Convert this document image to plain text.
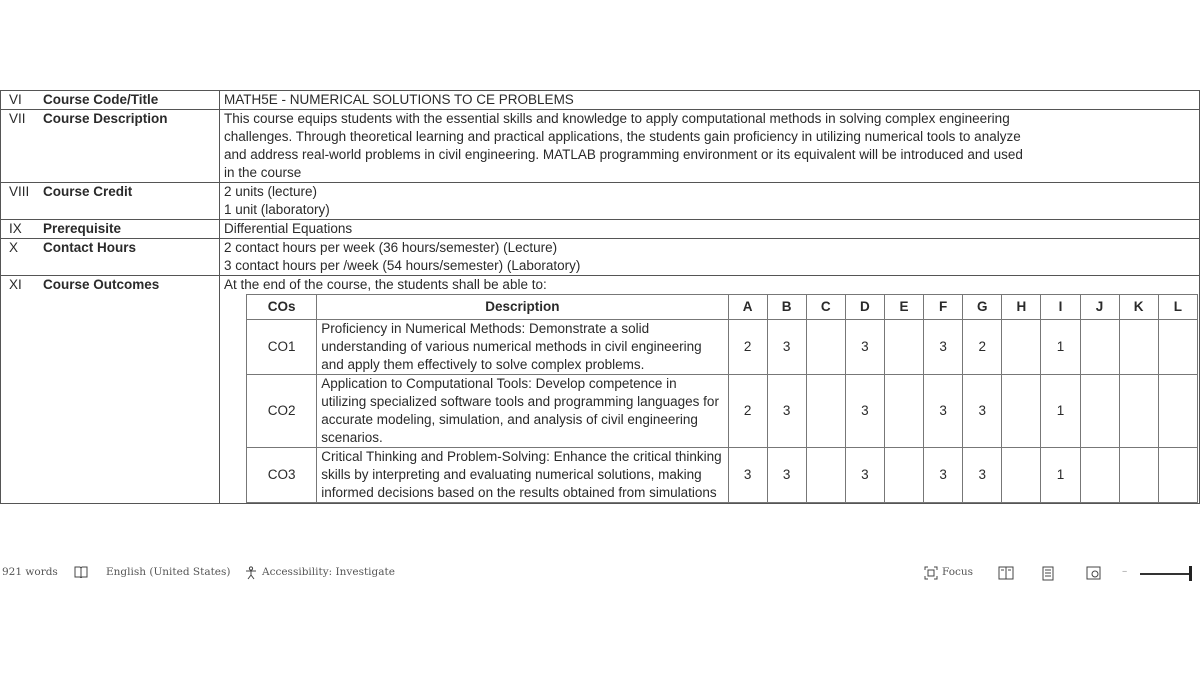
VI	Course Code/Title	MATH5E - NUMERICAL SOLUTIONS TO CE PROBLEMS

VII	Course Description	This course equips students with the essential skills and knowledge to apply computational methods in solving complex engineering
challenges. Through theoretical learning and practical applications, the students gain proficiency in utilizing numerical tools to analyze
and address real-world problems in civil engineering. MATLAB programming environment or its equivalent will be introduced and used
in the course

VIII	Course Credit	2 units (lecture)
1 unit (laboratory)

IX	Prerequisite	Differential Equations

X	Contact Hours	2 contact hours per week (36 hours/semester) (Lecture)
3 contact hours per /week (54 hours/semester) (Laboratory)

XI	Course Outcomes	At the end of the course, the students shall be able to:
COs	Description	A	B	C	D	E	F	G	H	I	J	K	L
CO1	Proficiency in Numerical Methods: Demonstrate a solid understanding of various numerical methods in civil engineering and apply them effectively to solve complex problems.	2	3		3		3	2		1			
CO2	Application to Computational Tools: Develop competence in utilizing specialized software tools and programming languages for accurate modeling, simulation, and analysis of civil engineering scenarios.	2	3		3		3	3		1			
CO3	Critical Thinking and Problem-Solving: Enhance the critical thinking skills by interpreting and evaluating numerical solutions, making informed decisions based on the results obtained from simulations	3	3		3		3	3		1			
921 words	English (United States)	Accessibility: Investigate	Focus	–
